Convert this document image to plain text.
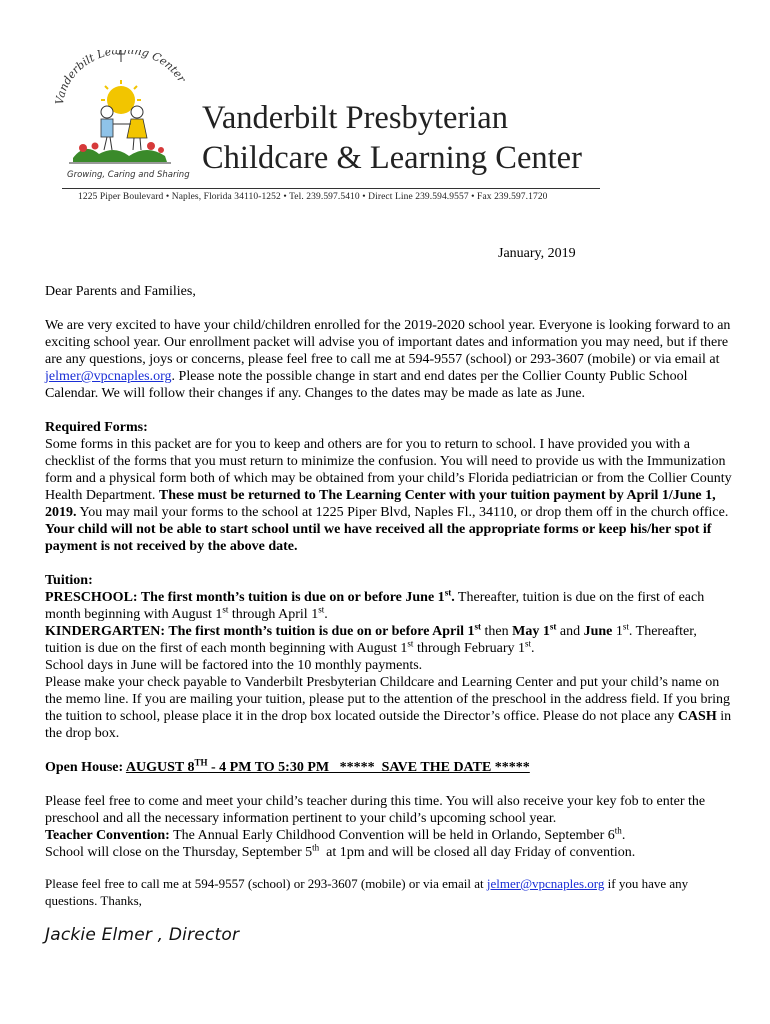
anderbilt Lear ing Center
Growing, Caring and Sharing
Vanderbilt Presbyterian
Childcare & Learning Center
1225 Piper Boulevard • Naples, Florida 34110-1252 • Tel. 239.597.5410 • Direct Line 239.594.9557 • Fax 239.597.1720
January, 2019

Dear Parents and Families,

We are very excited to have your child/children enrolled for the 2019-2020 school year. Everyone is looking forward to an exciting school year. Our enrollment packet will advise you of important dates and information you may need, but if there are any questions, joys or concerns, please feel free to call me at 594-9557 (school) or 293-3607 (mobile) or via email at jelmer@vpcnaples.org. Please note the possible change in start and end dates per the Collier County Public School Calendar. We will follow their changes if any. Changes to the dates may be made as late as June.

Required Forms:

Some forms in this packet are for you to keep and others are for you to return to school. I have provided you with a checklist of the forms that you must return to minimize the confusion. You will need to provide us with the Immunization form and a physical form both of which may be obtained from your child’s Florida pediatrician or from the Collier County Health Department. These must be returned to The Learning Center with your tuition payment by April 1/June 1, 2019. You may mail your forms to the school at 1225 Piper Blvd, Naples Fl., 34110, or drop them off in the church office. Your child will not be able to start school until we have received all the appropriate forms or keep his/her spot if payment is not received by the above date.

Tuition:

PRESCHOOL: The first month’s tuition is due on or before June 1st. Thereafter, tuition is due on the first of each month beginning with August 1st through April 1st.

KINDERGARTEN: The first month’s tuition is due on or before April 1st then May 1st and June 1st. Thereafter, tuition is due on the first of each month beginning with August 1st through February 1st.

School days in June will be factored into the 10 monthly payments.

Please make your check payable to Vanderbilt Presbyterian Childcare and Learning Center and put your child’s name on the memo line. If you are mailing your tuition, please put to the attention of the preschool in the address field. If you bring the tuition to school, please place it in the drop box located outside the Director’s office. Please do not place any CASH in the drop box.

Open House: AUGUST 8TH - 4 PM TO 5:30 PM   *****  SAVE THE DATE *****

Please feel free to come and meet your child’s teacher during this time. You will also receive your key fob to enter the preschool and all the necessary information pertinent to your child’s upcoming school year.

Teacher Convention: The Annual Early Childhood Convention will be held in Orlando, September 6th.

School will close on the Thursday, September 5th  at 1pm and will be closed all day Friday of convention.

Please feel free to call me at 594-9557 (school) or 293-3607 (mobile) or via email at jelmer@vpcnaples.org if you have any questions. Thanks,

Jackie Elmer , Director
